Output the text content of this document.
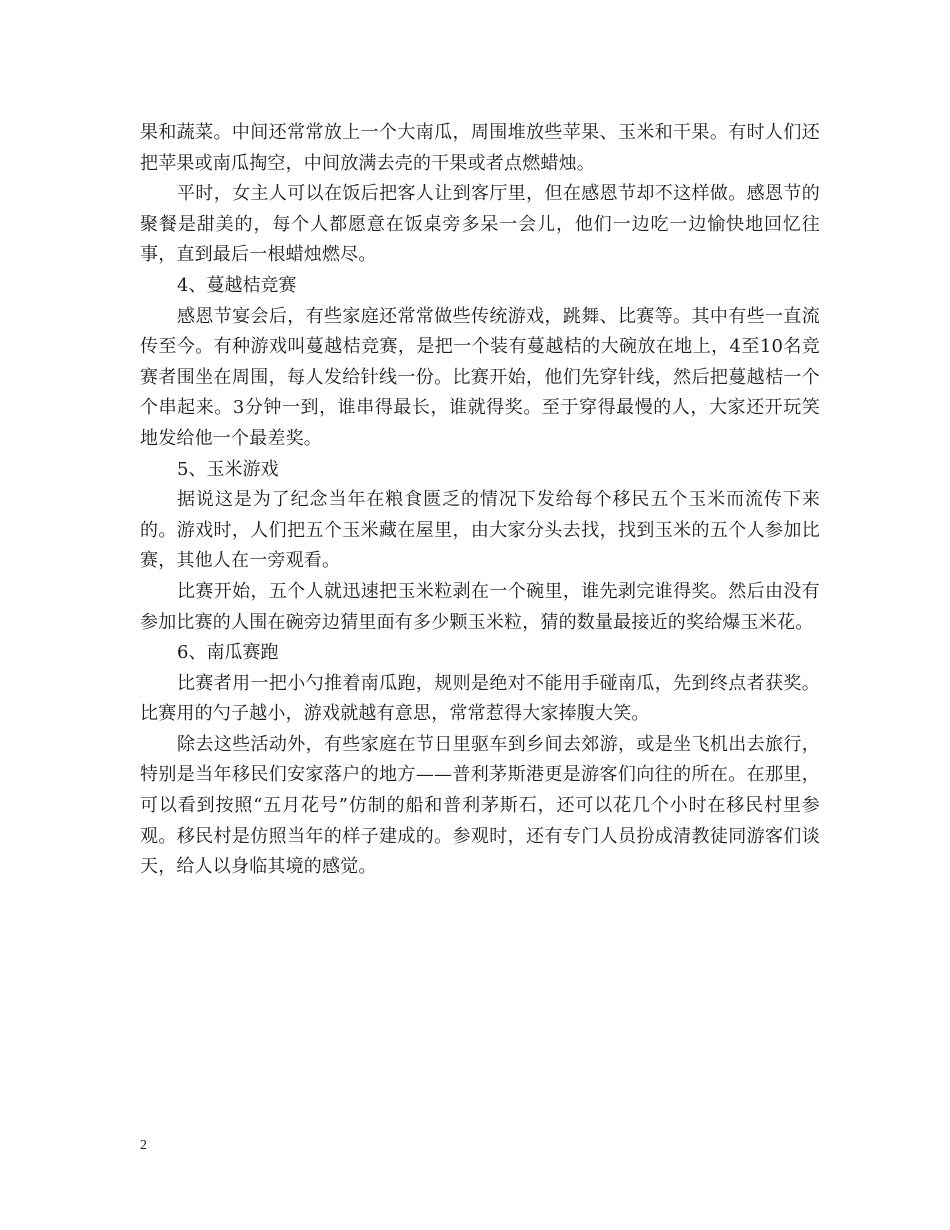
果和蔬菜。中间还常常放上一个大南瓜，周围堆放些苹果、玉米和干果。有时人们还把苹果或南瓜掏空，中间放满去壳的干果或者点燃蜡烛。

平时，女主人可以在饭后把客人让到客厅里，但在感恩节却不这样做。感恩节的聚餐是甜美的，每个人都愿意在饭桌旁多呆一会儿，他们一边吃一边愉快地回忆往事，直到最后一根蜡烛燃尽。

4、蔓越桔竞赛

感恩节宴会后，有些家庭还常常做些传统游戏，跳舞、比赛等。其中有些一直流传至今。有种游戏叫蔓越桔竞赛，是把一个装有蔓越桔的大碗放在地上，4至10名竞赛者围坐在周围，每人发给针线一份。比赛开始，他们先穿针线，然后把蔓越桔一个个串起来。3分钟一到，谁串得最长，谁就得奖。至于穿得最慢的人，大家还开玩笑地发给他一个最差奖。

5、玉米游戏

据说这是为了纪念当年在粮食匮乏的情况下发给每个移民五个玉米而流传下来的。游戏时，人们把五个玉米藏在屋里，由大家分头去找，找到玉米的五个人参加比赛，其他人在一旁观看。

比赛开始，五个人就迅速把玉米粒剥在一个碗里，谁先剥完谁得奖。然后由没有参加比赛的人围在碗旁边猜里面有多少颗玉米粒，猜的数量最接近的奖给爆玉米花。

6、南瓜赛跑

比赛者用一把小勺推着南瓜跑，规则是绝对不能用手碰南瓜，先到终点者获奖。比赛用的勺子越小，游戏就越有意思，常常惹得大家捧腹大笑。

除去这些活动外，有些家庭在节日里驱车到乡间去郊游，或是坐飞机出去旅行，特别是当年移民们安家落户的地方——普利茅斯港更是游客们向往的所在。在那里，可以看到按照“五月花号”仿制的船和普利茅斯石，还可以花几个小时在移民村里参观。移民村是仿照当年的样子建成的。参观时，还有专门人员扮成清教徒同游客们谈天，给人以身临其境的感觉。

2
